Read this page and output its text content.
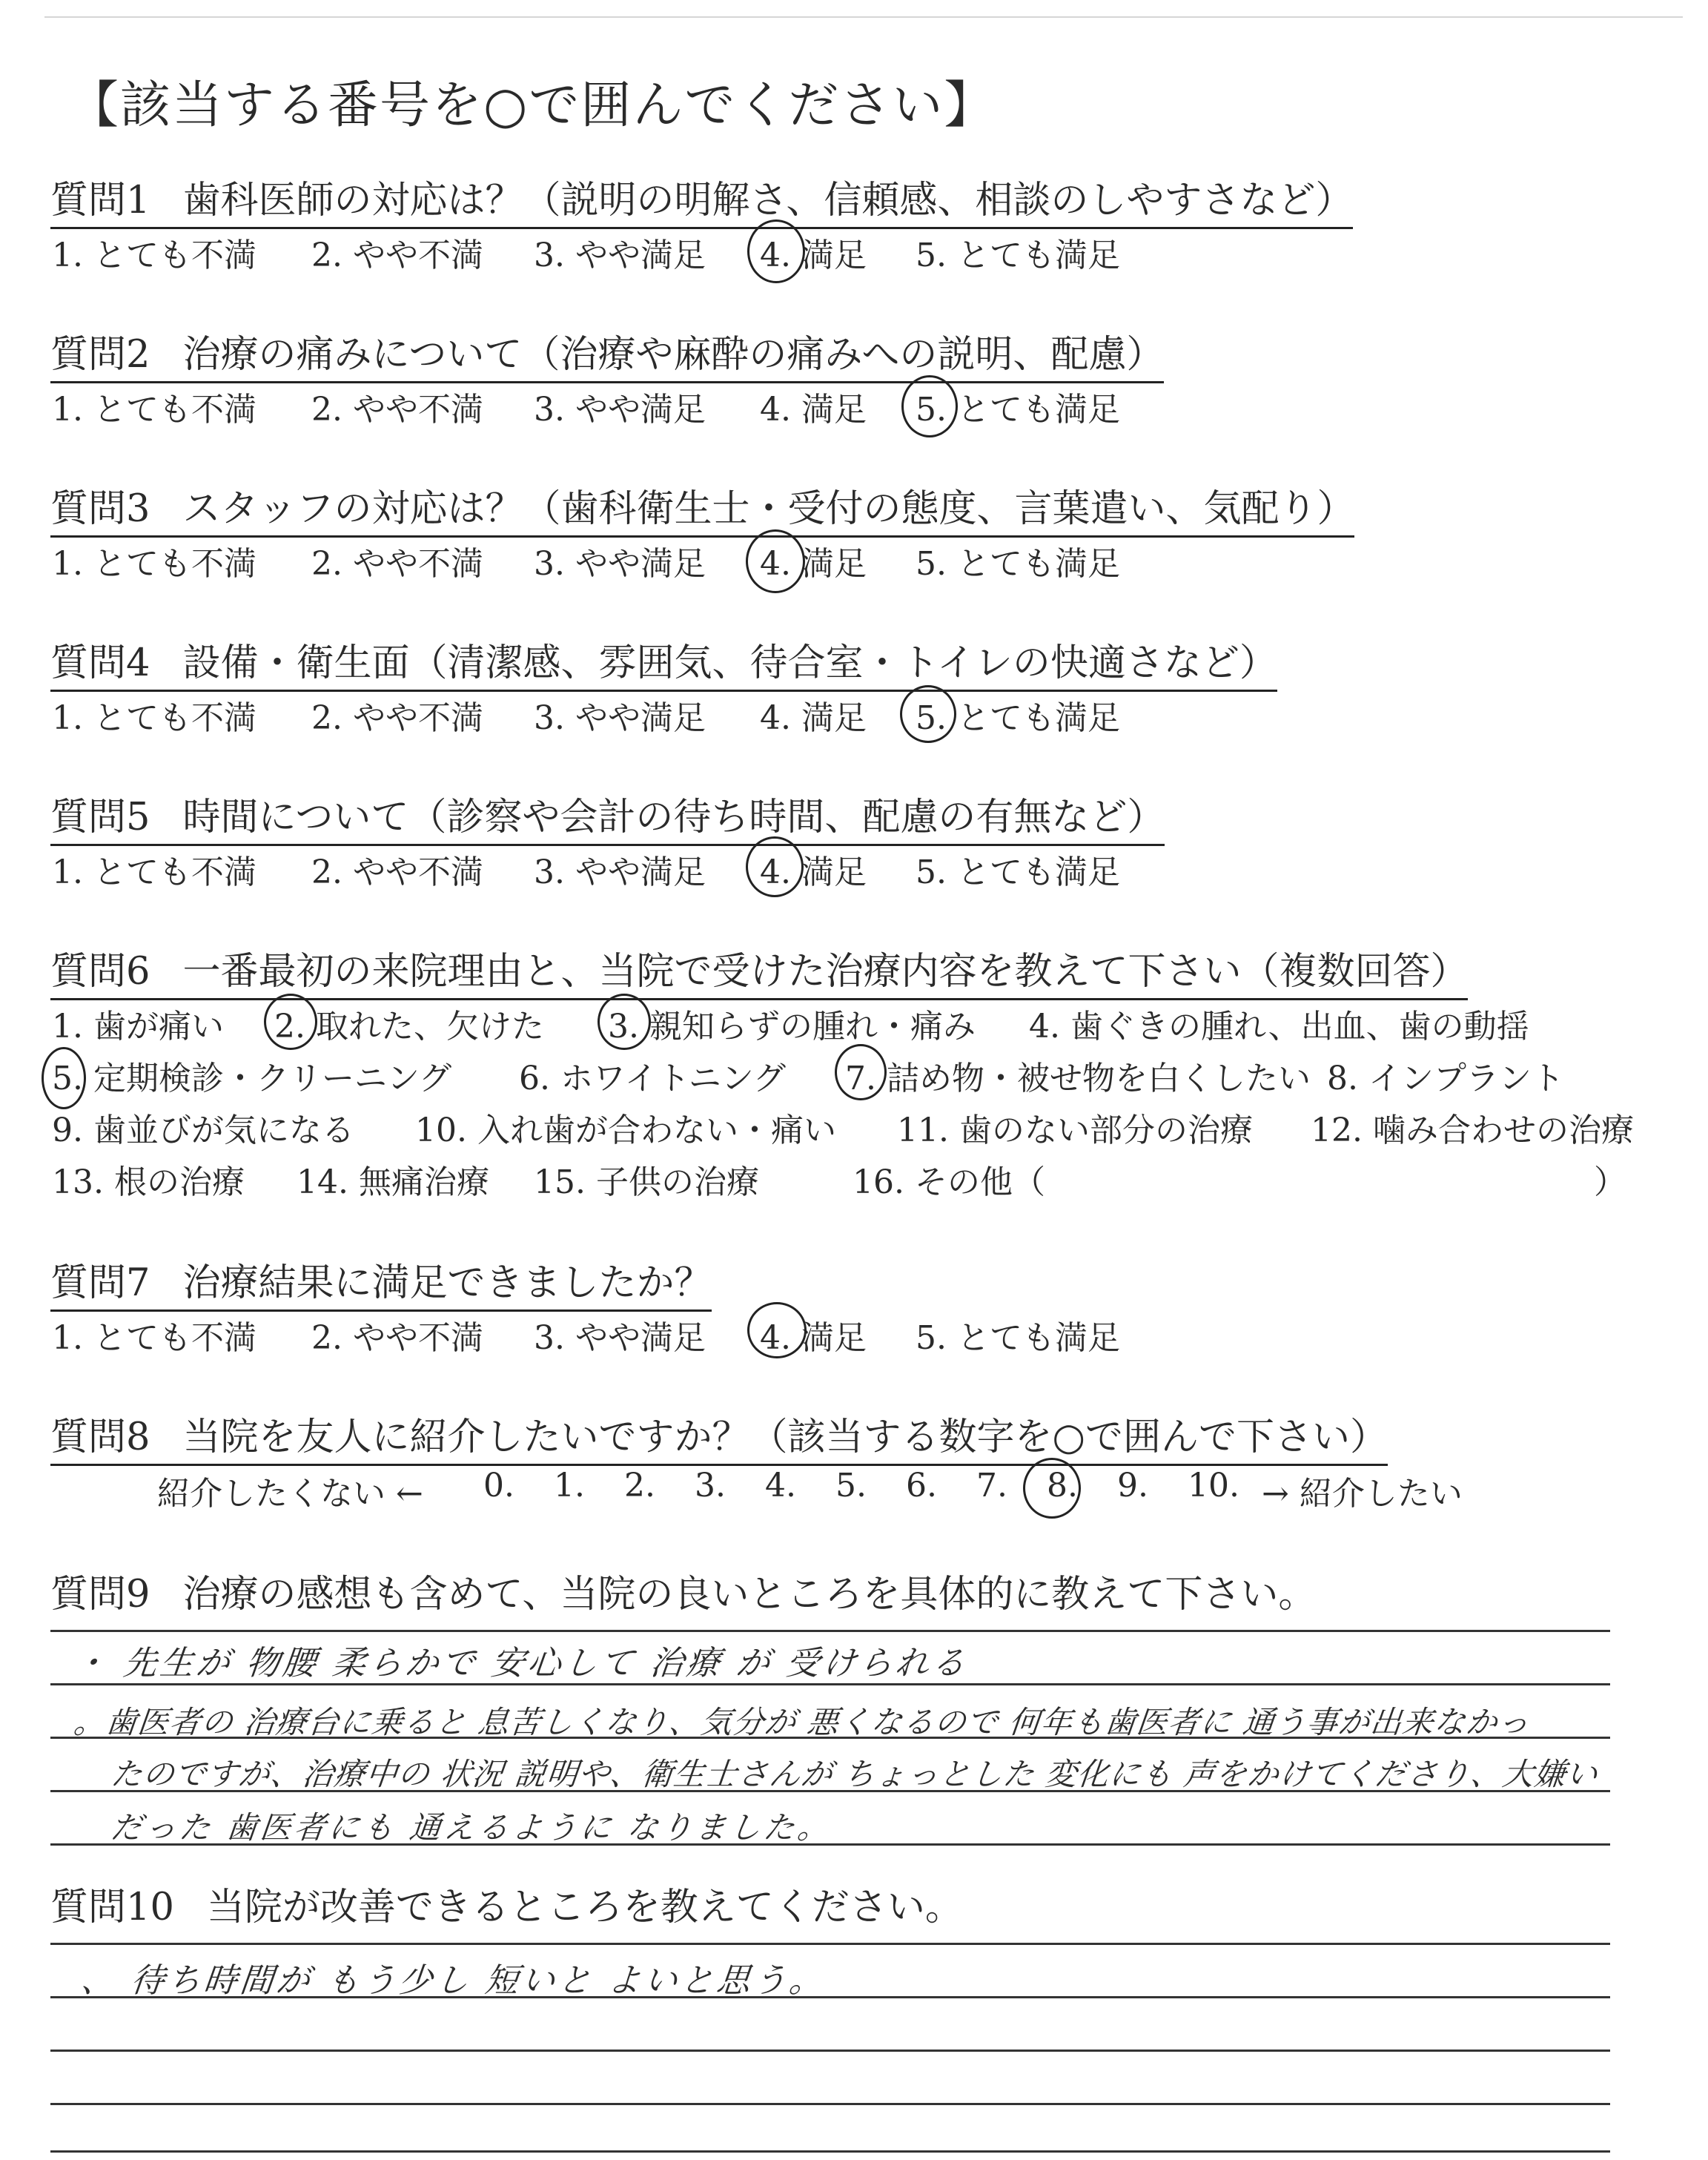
【該当する番号を○で囲んでください】
質問1 歯科医師の対応は？（説明の明解さ、信頼感、相談のしやすさなど）
1. とても不満 2. やや不満 3. やや満足 4. 満足 5. とても満足
質問2 治療の痛みについて（治療や麻酔の痛みへの説明、配慮）
1. とても不満 2. やや不満 3. やや満足 4. 満足 5. とても満足
質問3 スタッフの対応は？（歯科衛生士・受付の態度、言葉遣い、気配り）
1. とても不満 2. やや不満 3. やや満足 4. 満足 5. とても満足
質問4 設備・衛生面（清潔感、雰囲気、待合室・トイレの快適さなど）
1. とても不満 2. やや不満 3. やや満足 4. 満足 5. とても満足
質問5 時間について（診察や会計の待ち時間、配慮の有無など）
1. とても不満 2. やや不満 3. やや満足 4. 満足 5. とても満足
質問6 一番最初の来院理由と、当院で受けた治療内容を教えて下さい（複数回答）
1. 歯が痛い 2. 取れた、欠けた 3. 親知らずの腫れ・痛み 4. 歯ぐきの腫れ、出血、歯の動揺
5. 定期検診・クリーニング 6. ホワイトニング 7. 詰め物・被せ物を白くしたい 8. インプラント
9. 歯並びが気になる 10. 入れ歯が合わない・痛い 11. 歯のない部分の治療 12. 噛み合わせの治療
13. 根の治療 14. 無痛治療 15. 子供の治療	16. その他（	）
質問7 治療結果に満足できましたか？
1. とても不満 2. やや不満 3. やや満足 4. 満足 5. とても満足
質問8 当院を友人に紹介したいですか？（該当する数字を○で囲んで下さい）
紹介したくない ← 0. 1. 2. 3. 4. 5. 6. 7. 8. 9. 10. → 紹介したい
質問9 治療の感想も含めて、当院の良いところを具体的に教えて下さい。
・ 先生が 物腰 柔らかで 安心して 治療 が 受けられる
。歯医者の 治療台に乗ると 息苦しくなり、気分が 悪くなるので 何年も歯医者に 通う事が出来なかっ
たのですが、治療中の 状況 説明や、衛生士さんが ちょっとした 変化にも 声をかけてくださり、大嫌い
だった 歯医者にも 通えるように なりました。
質問10 当院が改善できるところを教えてください。
、 待ち時間が もう少し 短いと よいと思う。
